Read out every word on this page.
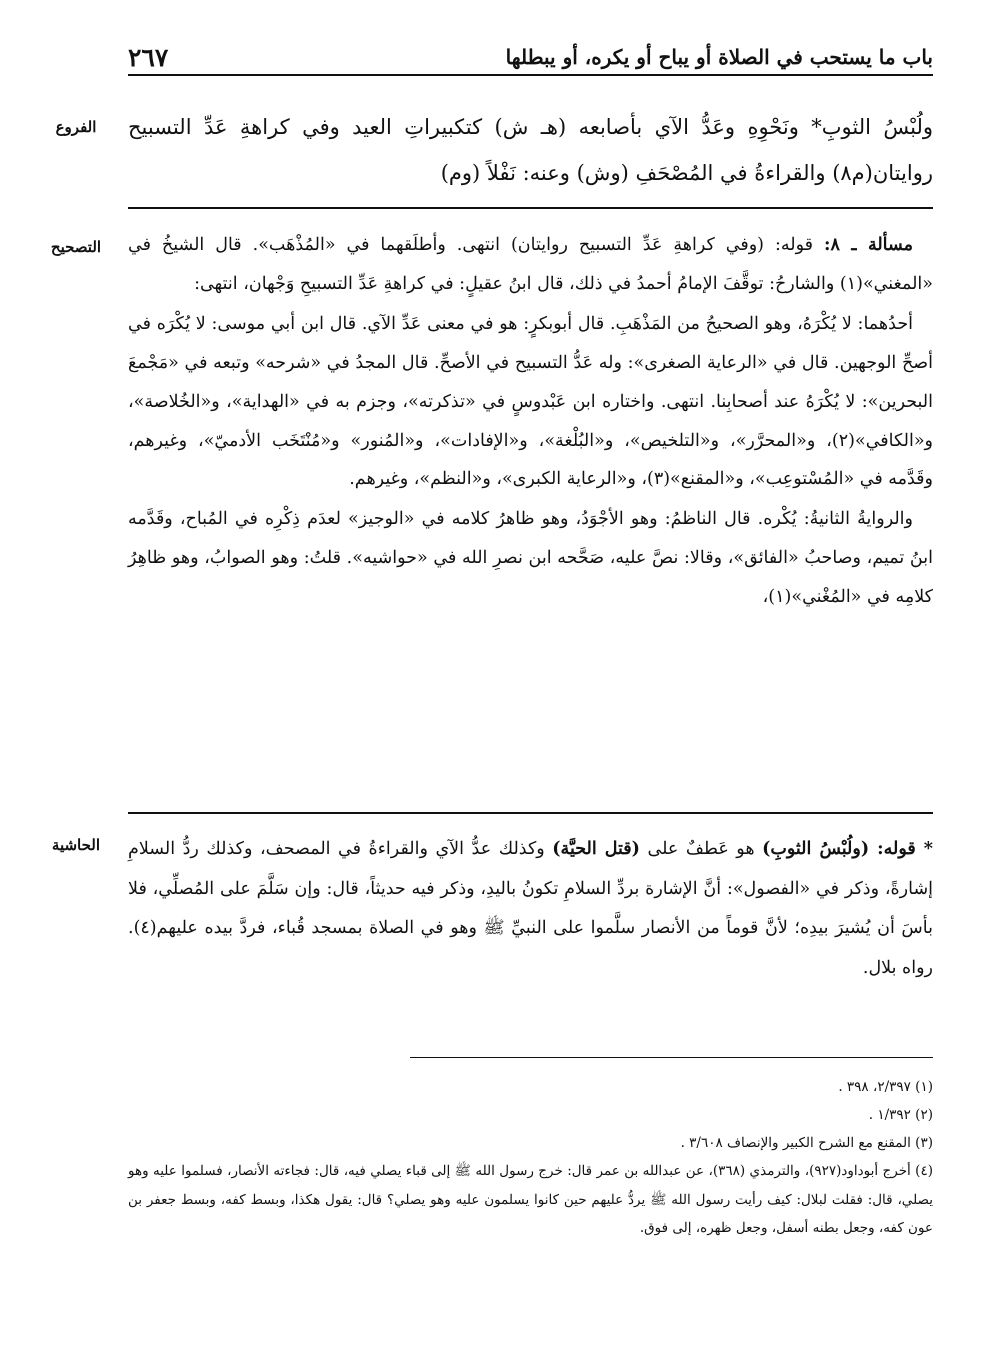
باب ما يستحب في الصلاة أو يباح أو يكره، أو يبطلها
٢٦٧
الفروع	ولُبْسُ الثوبِ* ونَحْوِهِ وعَدُّ الآي بأصابعه (هـ ش) كتكبيراتِ العيد وفي كراهةِ عَدِّ التسبيح روايتان(م٨) والقراءةُ في المُصْحَفِ (وش) وعنه: نَفْلاً (وم)

التصحيح	مسألة ـ ٨: قوله: (وفي كراهةِ عَدِّ التسبيح روايتان) انتهى. وأطلَقهما في «المُذْهَب». قال الشيخُ في «المغني»(١) والشارحُ: توقَّفَ الإمامُ أحمدُ في ذلك، قال ابنُ عقيلٍ: في كراهةِ عَدِّ التسبيحِ وَجْهان، انتهى:

أحدُهما: لا يُكْرَهُ، وهو الصحيحُ من المَذْهَبِ. قال أبوبكرٍ: هو في معنى عَدِّ الآي. قال ابن أبي موسى: لا يُكْرَه في أصحِّ الوجهين. قال في «الرعاية الصغرى»: وله عَدُّ التسبيح في الأصحِّ. قال المجدُ في «شرحه» وتبعه في «مَجْمعَ البحرين»: لا يُكْرَهُ عند أصحابِنا. انتهى. واختاره ابن عَبْدوسٍ في «تذكرته»، وجزم به في «الهداية»، و«الخُلاصة»، و«الكافي»(٢)، و«المحرَّر»، و«التلخيص»، و«البُلْغة»، و«الإفادات»، و«المُنور» و«مُنْتَخَب الأدميّ»، وغيرهم، وقَدَّمه في «المُسْتوعِب»، و«المقنع»(٣)، و«الرعاية الكبرى»، و«النظم»، وغيرهم.

والروايةُ الثانيةُ: يُكْره. قال الناظمُ: وهو الأجْوَدُ، وهو ظاهرُ كلامه في «الوجيز» لعدَم ذِكْرِه في المُباح، وقَدَّمه ابنُ تميم، وصاحبُ «الفائق»، وقالا: نصَّ عليه، صَحَّحه ابن نصرِ الله في «حواشيه». قلتُ: وهو الصوابُ، وهو ظاهِرُ كلامِه في «المُغْني»(١)،

الحاشية	* قوله: (ولُبْسُ الثوبِ) هو عَطفٌ على (قتل الحيَّة) وكذلك عدُّ الآي والقراءةُ في المصحف، وكذلك ردُّ السلامِ إشارةً، وذكر في «الفصول»: أنَّ الإشارة بردِّ السلامِ تكونُ باليدِ، وذكر فيه حديثاً، قال: وإن سَلَّمَ على المُصلِّي، فلا بأسَ أن يُشيرَ بيدِه؛ لأنَّ قوماً من الأنصار سلَّموا على النبيِّ ﷺ وهو في الصلاة بمسجد قُباء، فردَّ بيده عليهم(٤). رواه بلال.

(١) ٢/٣٩٧، ٣٩٨ .

(٢) ١/٣٩٢ .

(٣) المقنع مع الشرح الكبير والإنصاف ٣/٦٠٨ .

(٤) أخرج أبوداود(٩٢٧)، والترمذي (٣٦٨)، عن عبدالله بن عمر قال: خرج رسول الله ﷺ إلى قباء يصلي فيه، قال: فجاءته الأنصار، فسلموا عليه وهو يصلي، قال: فقلت لبلال: كيف رأيت رسول الله ﷺ يردُّ عليهم حين كانوا يسلمون عليه وهو يصلي؟ قال: يقول هكذا، وبسط كفه، وبسط جعفر بن عون كفه، وجعل بطنه أسفل، وجعل ظهره، إلى فوق.
